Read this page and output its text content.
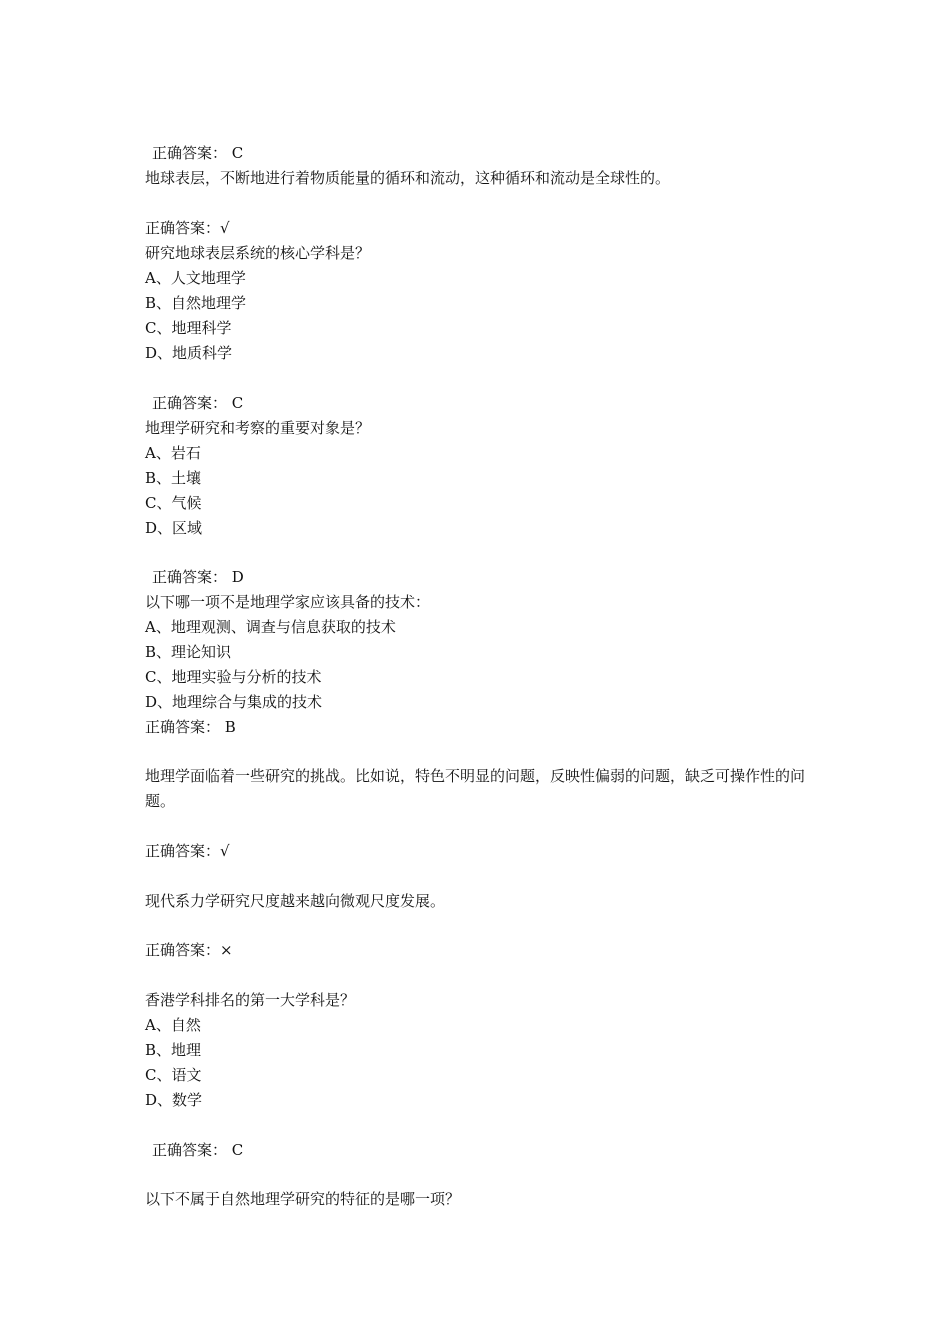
正确答案： C
地球表层，不断地进行着物质能量的循环和流动，这种循环和流动是全球性的。
正确答案：√
研究地球表层系统的核心学科是？
A、人文地理学
B、自然地理学
C、地理科学
D、地质科学
正确答案： C
地理学研究和考察的重要对象是？
A、岩石
B、土壤
C、气候
D、区域
正确答案： D
以下哪一项不是地理学家应该具备的技术：
A、地理观测、调查与信息获取的技术
B、理论知识
C、地理实验与分析的技术
D、地理综合与集成的技术
正确答案： B
地理学面临着一些研究的挑战。比如说，特色不明显的问题，反映性偏弱的问题，缺乏可操作性的问题。
正确答案：√
现代系力学研究尺度越来越向微观尺度发展。
正确答案：×
香港学科排名的第一大学科是？
A、自然
B、地理
C、语文
D、数学
正确答案： C
以下不属于自然地理学研究的特征的是哪一项？
